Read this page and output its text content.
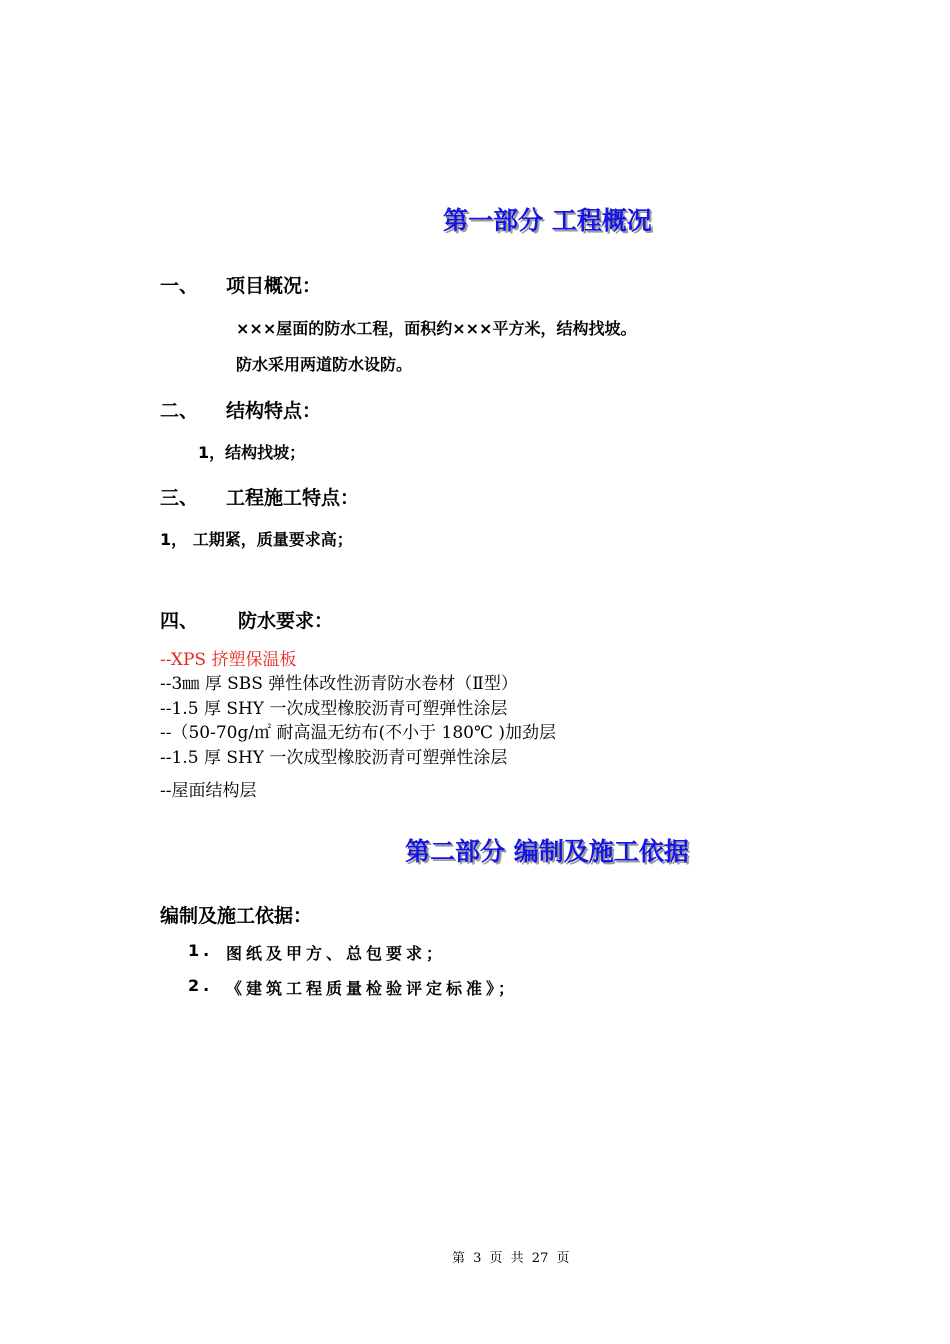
第一部分 工程概况
一、 项目概况：
×××屋面的防水工程，面积约×××平方米，结构找坡。
防水采用两道防水设防。
二、 结构特点：
1，结构找坡；
三、 工程施工特点：
1， 工期紧，质量要求高；
四、 防水要求：
--XPS 挤塑保温板
--3㎜ 厚 SBS 弹性体改性沥青防水卷材（Ⅱ型）
--1.5 厚 SHY 一次成型橡胶沥青可塑弹性涂层
--（50-70g/㎡ 耐高温无纺布(不小于 180℃ )加劲层
--1.5 厚 SHY 一次成型橡胶沥青可塑弹性涂层
--屋面结构层
第二部分 编制及施工依据
编制及施工依据：
1. 图纸及甲方、总包要求；
2. 《建筑工程质量检验评定标准》；
第 3 页 共 27 页
